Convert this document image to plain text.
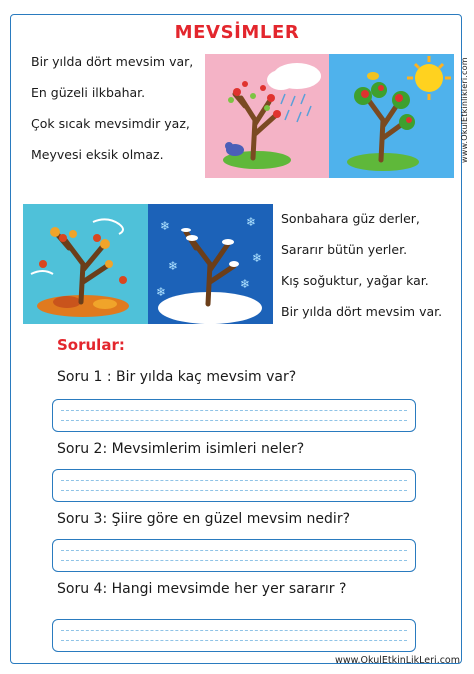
www.OkulEtkinlikleri.com
MEVSİMLER
Bir yılda dört mevsim var,
En güzeli ilkbahar.
Çok sıcak mevsimdir yaz,
Meyvesi eksik olmaz.
❄	❄
❄
❄
❄
❄
Sonbahara güz derler,
Sararır bütün yerler.
Kış soğuktur, yağar kar.
Bir yılda dört mevsim var.
Sorular:
Soru 1 : Bir yılda kaç mevsim var?
Soru 2: Mevsimlerim isimleri neler?
Soru 3: Şiire göre en güzel mevsim nedir?
Soru 4: Hangi mevsimde her yer sararır ?
www.OkulEtkinLikLeri.com
